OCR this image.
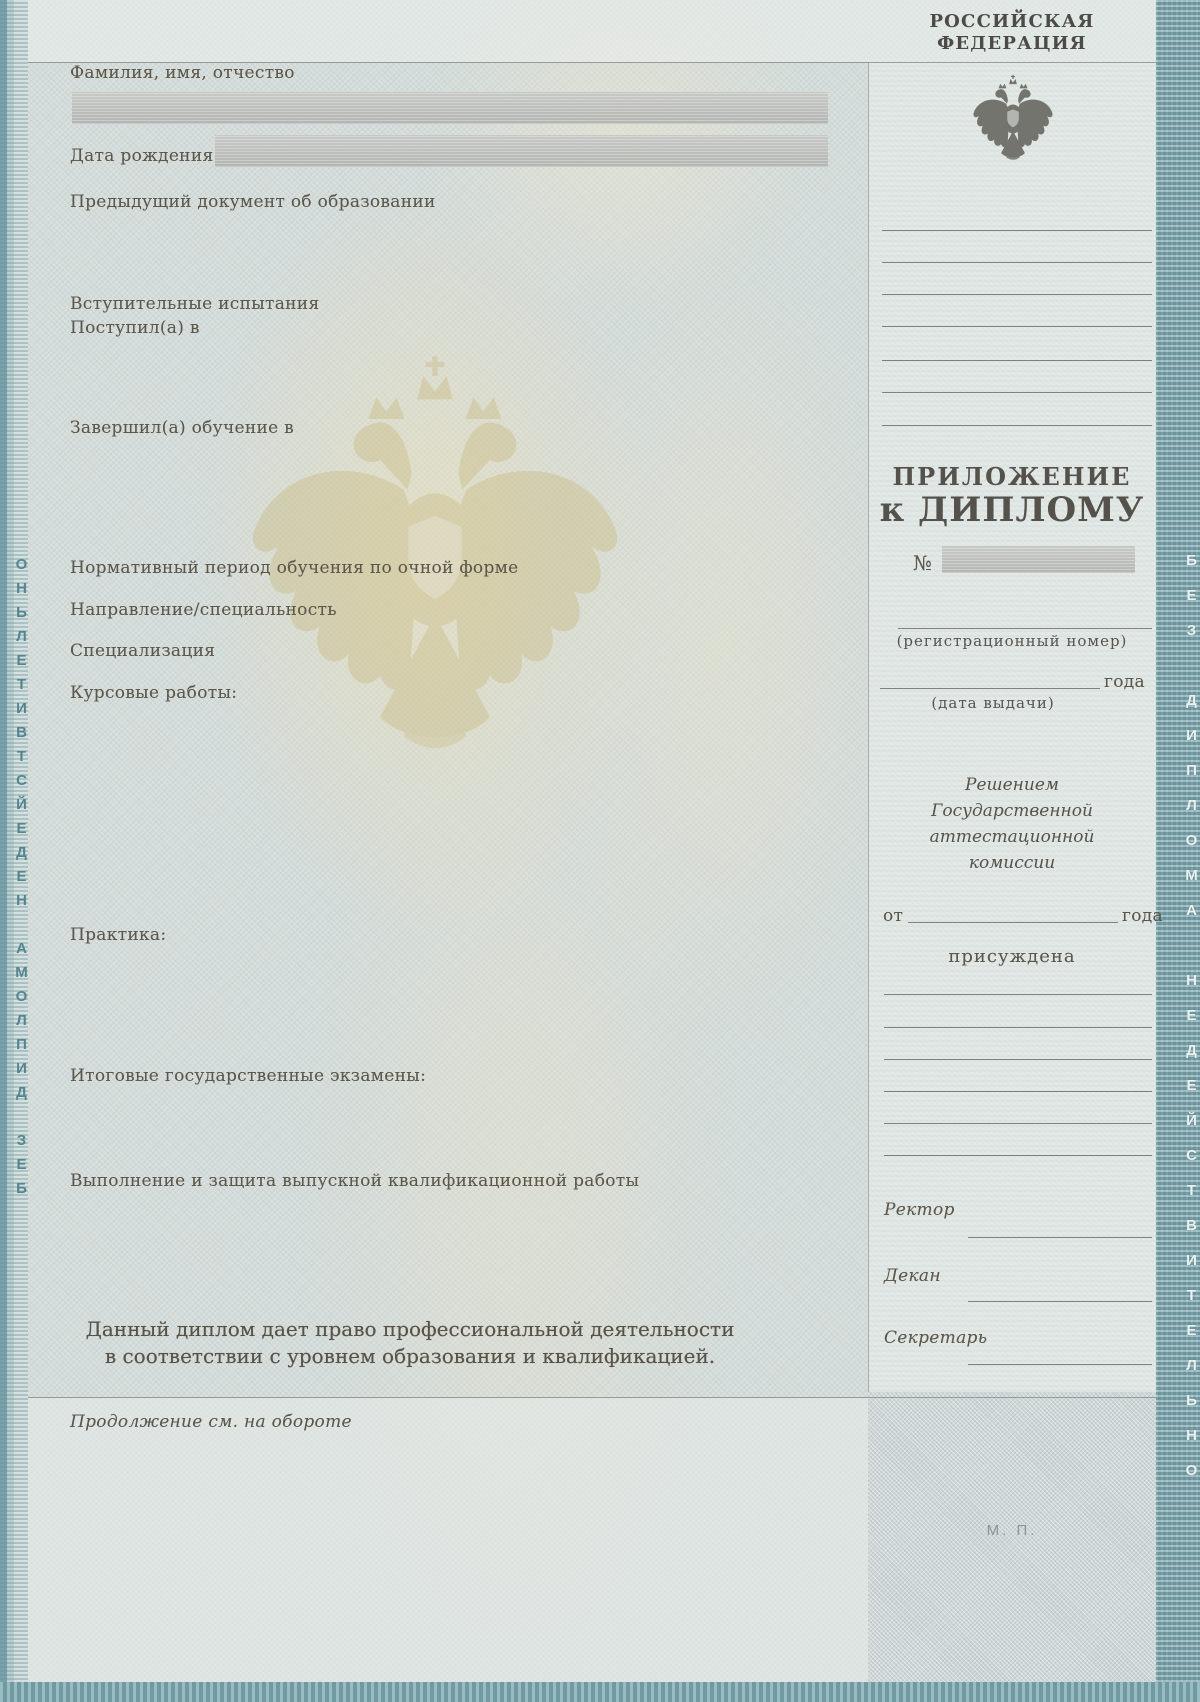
ОНЬЛЕТИВТСЙЕДЕН АМОЛПИД ЗЕБ	БЕЗ ДИПЛОМА НЕДЕЙСТВИТЕЛЬНО
Фамилия, имя, отчество
Дата рождения
Предыдущий документ об образовании
Вступительные испытания
Поступил(а) в
Завершил(а) обучение в
Нормативный период обучения по очной форме
Направление/специальность
Специализация
Курсовые работы:
Практика:
Итоговые государственные экзамены:
Выполнение и защита выпускной квалификационной работы
Данный диплом дает право профессиональной деятельности
в соответствии с уровнем образования и квалификацией.
Продолжение см. на обороте
РОССИЙСКАЯ
ФЕДЕРАЦИЯ
ПРИЛОЖЕНИЕ
к ДИПЛОМУ
№
(регистрационный номер)
года
(дата выдачи)
Решением
Государственной
аттестационной
комиссии
от	года
присуждена
Ректор
Декан
Секретарь
М. П.
